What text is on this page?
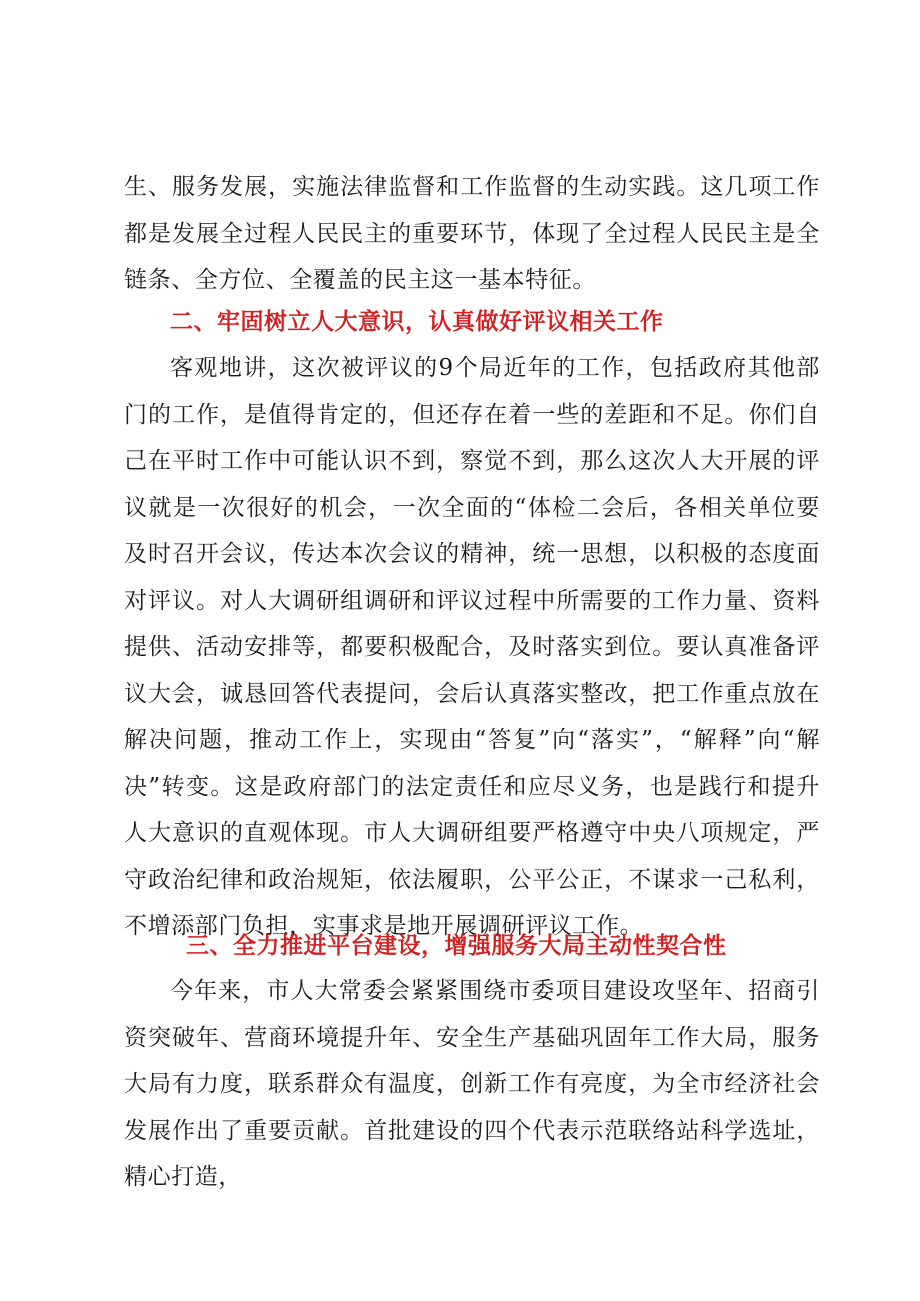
生、服务发展，实施法律监督和工作监督的生动实践。这几项工作都是发展全过程人民民主的重要环节，体现了全过程人民民主是全链条、全方位、全覆盖的民主这一基本特征。

二、牢固树立人大意识，认真做好评议相关工作

客观地讲，这次被评议的9个局近年的工作，包括政府其他部门的工作，是值得肯定的，但还存在着一些的差距和不足。你们自己在平时工作中可能认识不到，察觉不到，那么这次人大开展的评议就是一次很好的机会，一次全面的“体检二会后，各相关单位要及时召开会议，传达本次会议的精神，统一思想，以积极的态度面对评议。对人大调研组调研和评议过程中所需要的工作力量、资料提供、活动安排等，都要积极配合，及时落实到位。要认真准备评议大会，诚恳回答代表提问，会后认真落实整改，把工作重点放在解决问题，推动工作上，实现由“答复”向“落实”，“解释”向“解决”转变。这是政府部门的法定责任和应尽义务，也是践行和提升人大意识的直观体现。市人大调研组要严格遵守中央八项规定，严守政治纪律和政治规矩，依法履职，公平公正，不谋求一己私利，不增添部门负担，实事求是地开展调研评议工作。

三、全力推进平台建设，增强服务大局主动性契合性

今年来，市人大常委会紧紧围绕市委项目建设攻坚年、招商引资突破年、营商环境提升年、安全生产基础巩固年工作大局，服务大局有力度，联系群众有温度，创新工作有亮度，为全市经济社会发展作出了重要贡献。首批建设的四个代表示范联络站科学选址，精心打造，
